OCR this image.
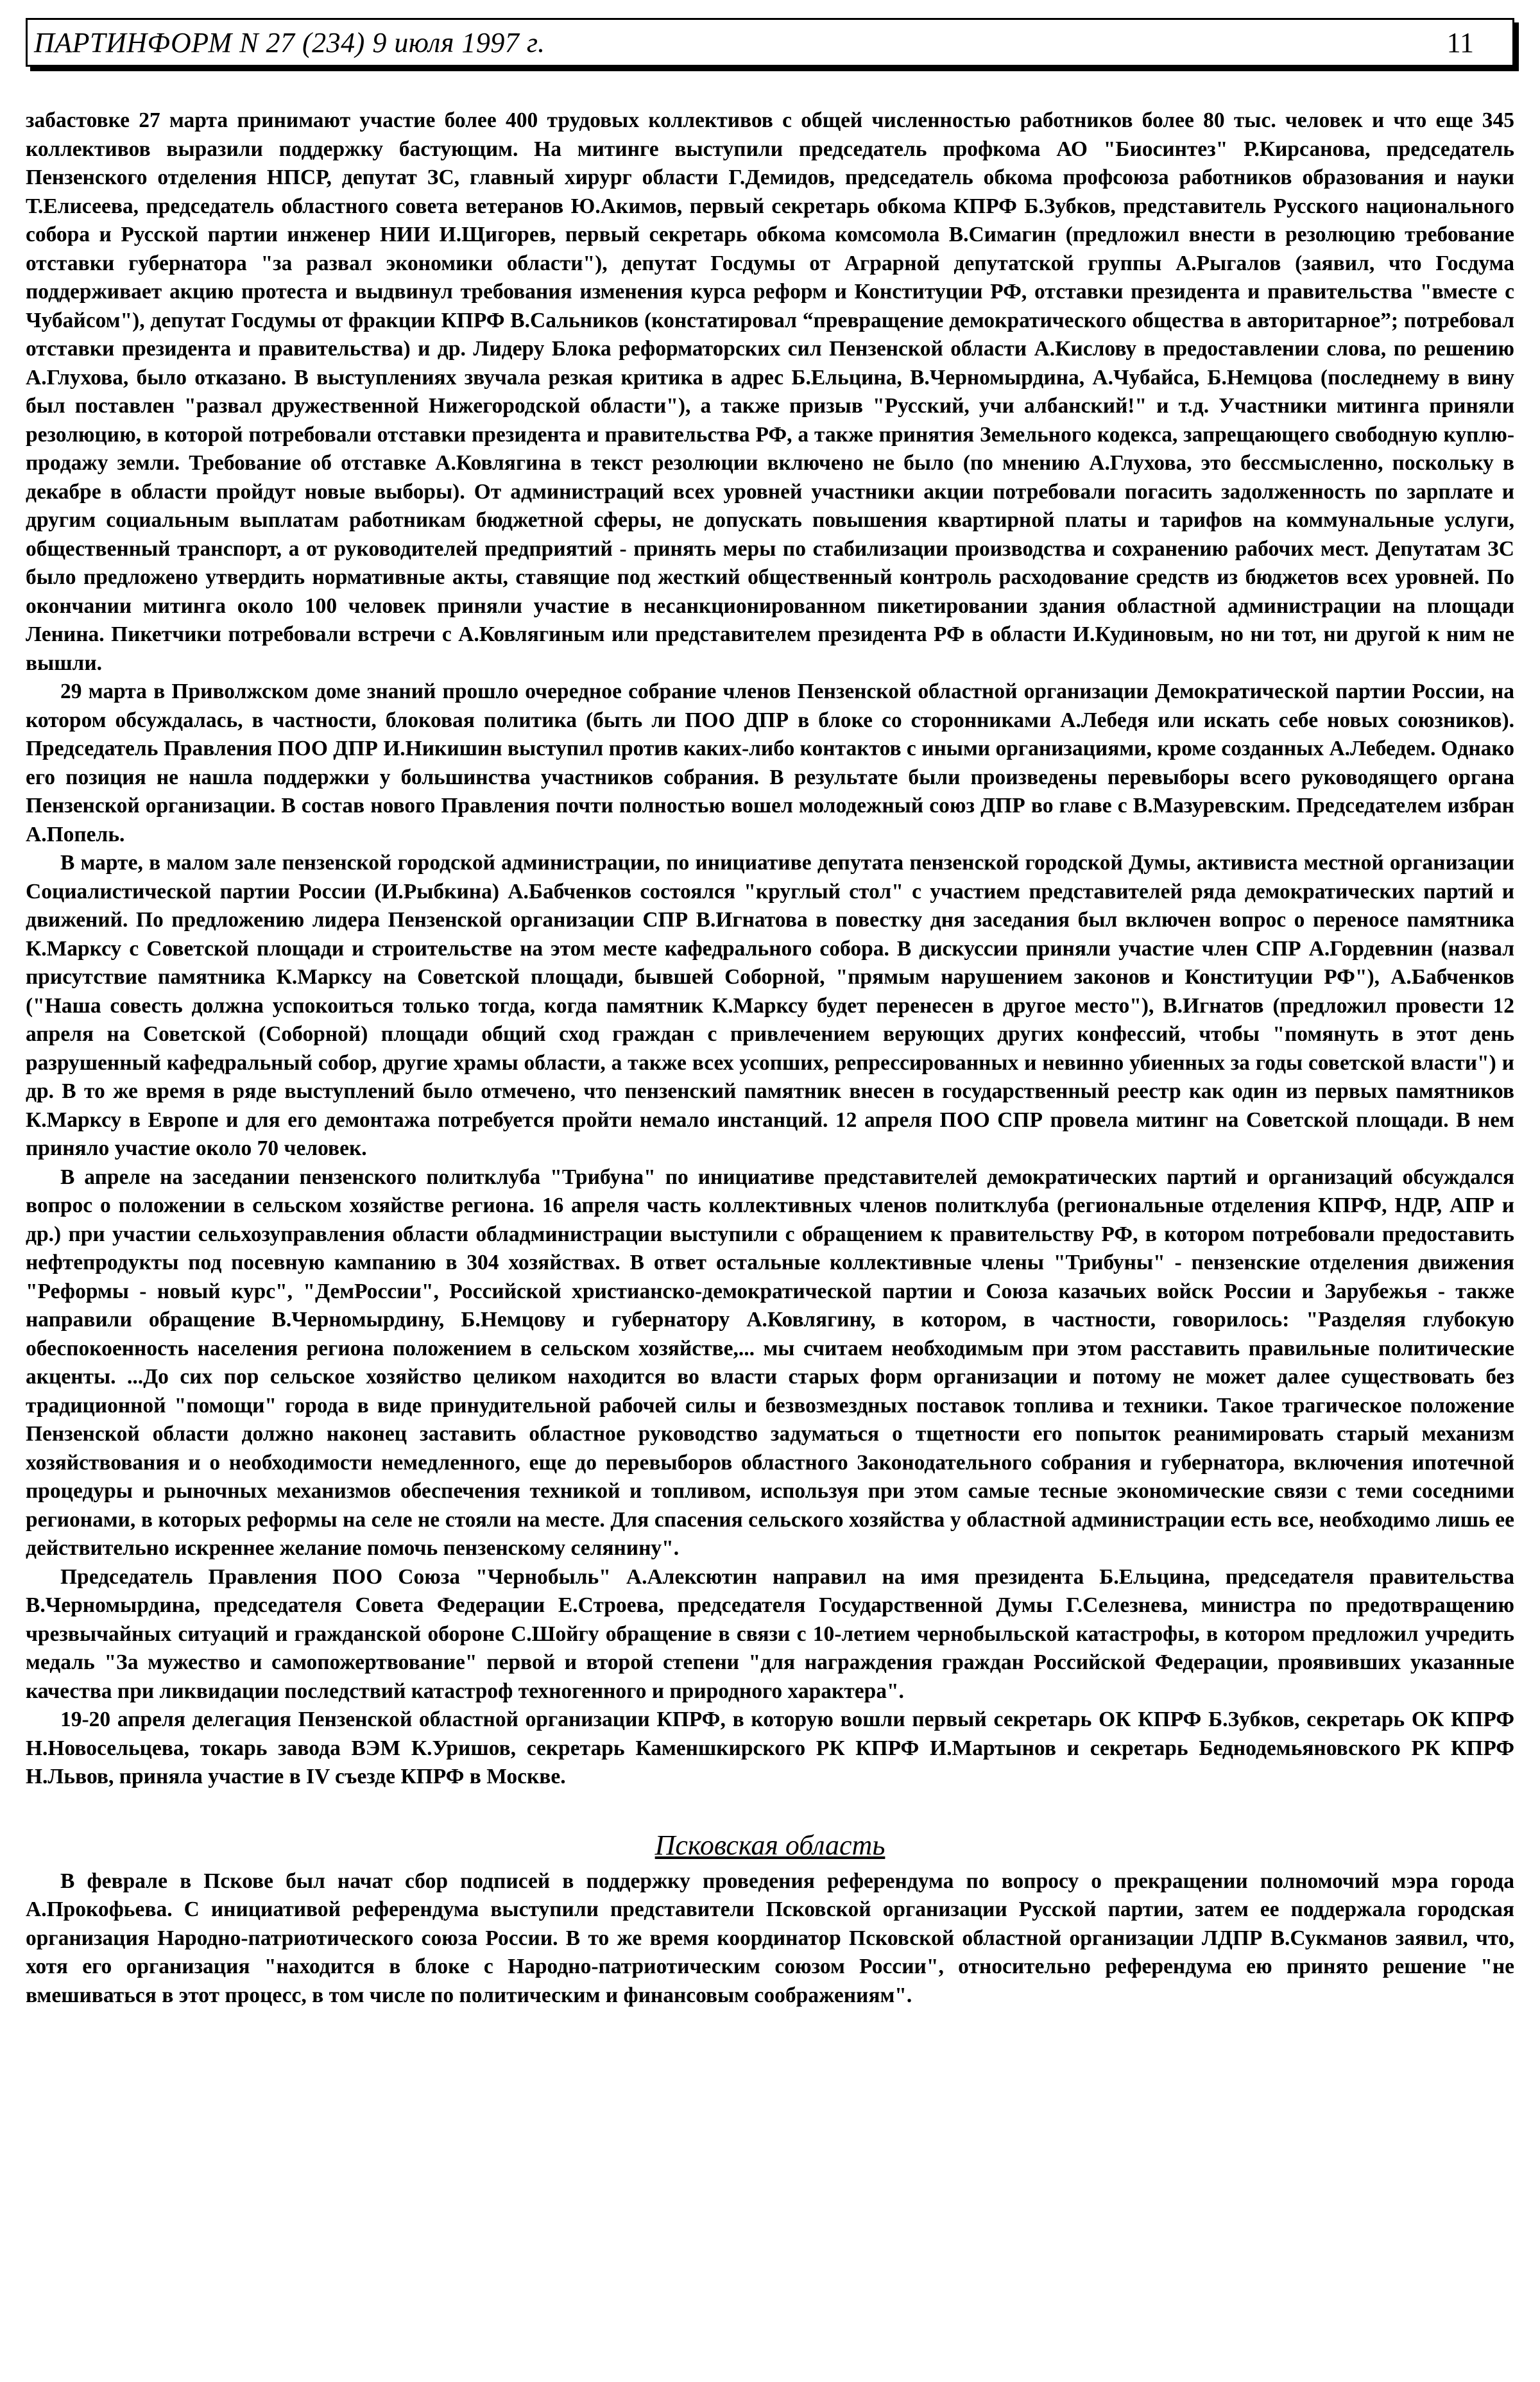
ПАРТИНФОРМ N 27 (234) 9 июля 1997 г.	11

забастовке 27 марта принимают участие более 400 трудовых коллективов с общей численностью работников более 80 тыс. человек и что еще 345 коллективов выразили поддержку бастующим. На митинге выступили председатель профкома АО "Биосинтез" Р.Кирсанова, председатель Пензенского отделения НПСР, депутат ЗС, главный хирург области Г.Демидов, председатель обкома профсоюза работников образования и науки Т.Елисеева, председатель областного совета ветеранов Ю.Акимов, первый секретарь обкома КПРФ Б.Зубков, представитель Русского национального собора и Русской партии инженер НИИ И.Щигорев, первый секретарь обкома комсомола В.Симагин (предложил внести в резолюцию требование отставки губернатора "за развал экономики области"), депутат Госдумы от Аграрной депутатской группы А.Рыгалов (заявил, что Госдума поддерживает акцию протеста и выдвинул требования изменения курса реформ и Конституции РФ, отставки президента и правительства "вместе с Чубайсом"), депутат Госдумы от фракции КПРФ В.Сальников (констатировал “превращение демократического общества в авторитарное”; потребовал отставки президента и правительства) и др. Лидеру Блока реформаторских сил Пензенской области А.Кислову в предоставлении слова, по решению А.Глухова, было отказано. В выступлениях звучала резкая критика в адрес Б.Ельцина, В.Черномырдина, А.Чубайса, Б.Немцова (последнему в вину был поставлен "развал дружественной Нижегородской области"), а также призыв "Русский, учи албанский!" и т.д. Участники митинга приняли резолюцию, в которой потребовали отставки президента и правительства РФ, а также принятия Земельного кодекса, запрещающего свободную куплю-продажу земли. Требование об отставке А.Ковлягина в текст резолюции включено не было (по мнению А.Глухова, это бессмысленно, поскольку в декабре в области пройдут новые выборы). От администраций всех уровней участники акции потребовали погасить задолженность по зарплате и другим социальным выплатам работникам бюджетной сферы, не допускать повышения квартирной платы и тарифов на коммунальные услуги, общественный транспорт, а от руководителей предприятий - принять меры по стабилизации производства и сохранению рабочих мест. Депутатам ЗС было предложено утвердить нормативные акты, ставящие под жесткий общественный контроль расходование средств из бюджетов всех уровней. По окончании митинга около 100 человек приняли участие в несанкционированном пикетировании здания областной администрации на площади Ленина. Пикетчики потребовали встречи с А.Ковлягиным или представителем президента РФ в области И.Кудиновым, но ни тот, ни другой к ним не вышли.

29 марта в Приволжском доме знаний прошло очередное собрание членов Пензенской областной организации Демократической партии России, на котором обсуждалась, в частности, блоковая политика (быть ли ПОО ДПР в блоке со сторонниками А.Лебедя или искать себе новых союзников). Председатель Правления ПОО ДПР И.Никишин выступил против каких-либо контактов с иными организациями, кроме созданных А.Лебедем. Однако его позиция не нашла поддержки у большинства участников собрания. В результате были произведены перевыборы всего руководящего органа Пензенской организации. В состав нового Правления почти полностью вошел молодежный союз ДПР во главе с В.Мазуревским. Председателем избран А.Попель.

В марте, в малом зале пензенской городской администрации, по инициативе депутата пензенской городской Думы, активиста местной организации Социалистической партии России (И.Рыбкина) А.Бабченков состоялся "круглый стол" с участием представителей ряда демократических партий и движений. По предложению лидера Пензенской организации СПР В.Игнатова в повестку дня заседания был включен вопрос о переносе памятника К.Марксу с Советской площади и строительстве на этом месте кафедрального собора. В дискуссии приняли участие член СПР А.Гордевнин (назвал присутствие памятника К.Марксу на Советской площади, бывшей Соборной, "прямым нарушением законов и Конституции РФ"), А.Бабченков ("Наша совесть должна успокоиться только тогда, когда памятник К.Марксу будет перенесен в другое место"), В.Игнатов (предложил провести 12 апреля на Советской (Соборной) площади общий сход граждан с привлечением верующих других конфессий, чтобы "помянуть в этот день разрушенный кафедральный собор, другие храмы области, а также всех усопших, репрессированных и невинно убиенных за годы советской власти") и др. В то же время в ряде выступлений было отмечено, что пензенский памятник внесен в государственный реестр как один из первых памятников К.Марксу в Европе и для его демонтажа потребуется пройти немало инстанций. 12 апреля ПОО СПР провела митинг на Советской площади. В нем приняло участие около 70 человек.

В апреле на заседании пензенского политклуба "Трибуна" по инициативе представителей демократических партий и организаций обсуждался вопрос о положении в сельском хозяйстве региона. 16 апреля часть коллективных членов политклуба (региональные отделения КПРФ, НДР, АПР и др.) при участии сельхозуправления области обладминистрации выступили с обращением к правительству РФ, в котором потребовали предоставить нефтепродукты под посевную кампанию в 304 хозяйствах. В ответ остальные коллективные члены "Трибуны" - пензенские отделения движения "Реформы - новый курс", "ДемРоссии", Российской христианско-демократической партии и Союза казачьих войск России и Зарубежья - также направили обращение В.Черномырдину, Б.Немцову и губернатору А.Ковлягину, в котором, в частности, говорилось: "Разделяя глубокую обеспокоенность населения региона положением в сельском хозяйстве,... мы считаем необходимым при этом расставить правильные политические акценты. ...До сих пор сельское хозяйство целиком находится во власти старых форм организации и потому не может далее существовать без традиционной "помощи" города в виде принудительной рабочей силы и безвозмездных поставок топлива и техники. Такое трагическое положение Пензенской области должно наконец заставить областное руководство задуматься о тщетности его попыток реанимировать старый механизм хозяйствования и о необходимости немедленного, еще до перевыборов областного Законодательного собрания и губернатора, включения ипотечной процедуры и рыночных механизмов обеспечения техникой и топливом, используя при этом самые тесные экономические связи с теми соседними регионами, в которых реформы на селе не стояли на месте. Для спасения сельского хозяйства у областной администрации есть все, необходимо лишь ее действительно искреннее желание помочь пензенскому селянину".

Председатель Правления ПОО Союза "Чернобыль" А.Алексютин направил на имя президента Б.Ельцина, председателя правительства В.Черномырдина, председателя Совета Федерации Е.Строева, председателя Государственной Думы Г.Селезнева, министра по предотвращению чрезвычайных ситуаций и гражданской обороне С.Шойгу обращение в связи с 10-летием чернобыльской катастрофы, в котором предложил учредить медаль "За мужество и самопожертвование" первой и второй степени "для награждения граждан Российской Федерации, проявивших указанные качества при ликвидации последствий катастроф техногенного и природного характера".

19-20 апреля делегация Пензенской областной организации КПРФ, в которую вошли первый секретарь ОК КПРФ Б.Зубков, секретарь ОК КПРФ Н.Новосельцева, токарь завода ВЭМ К.Уришов, секретарь Каменшкирского РК КПРФ И.Мартынов и секретарь Беднодемьяновского РК КПРФ Н.Львов, приняла участие в IV съезде КПРФ в Москве.

Псковская область

В феврале в Пскове был начат сбор подписей в поддержку проведения референдума по вопросу о прекращении полномочий мэра города А.Прокофьева. С инициативой референдума выступили представители Псковской организации Русской партии, затем ее поддержала городская организация Народно-патриотического союза России. В то же время координатор Псковской областной организации ЛДПР В.Сукманов заявил, что, хотя его организация "находится в блоке с Народно-патриотическим союзом России", относительно референдума ею принято решение "не вмешиваться в этот процесс, в том числе по политическим и финансовым соображениям".
